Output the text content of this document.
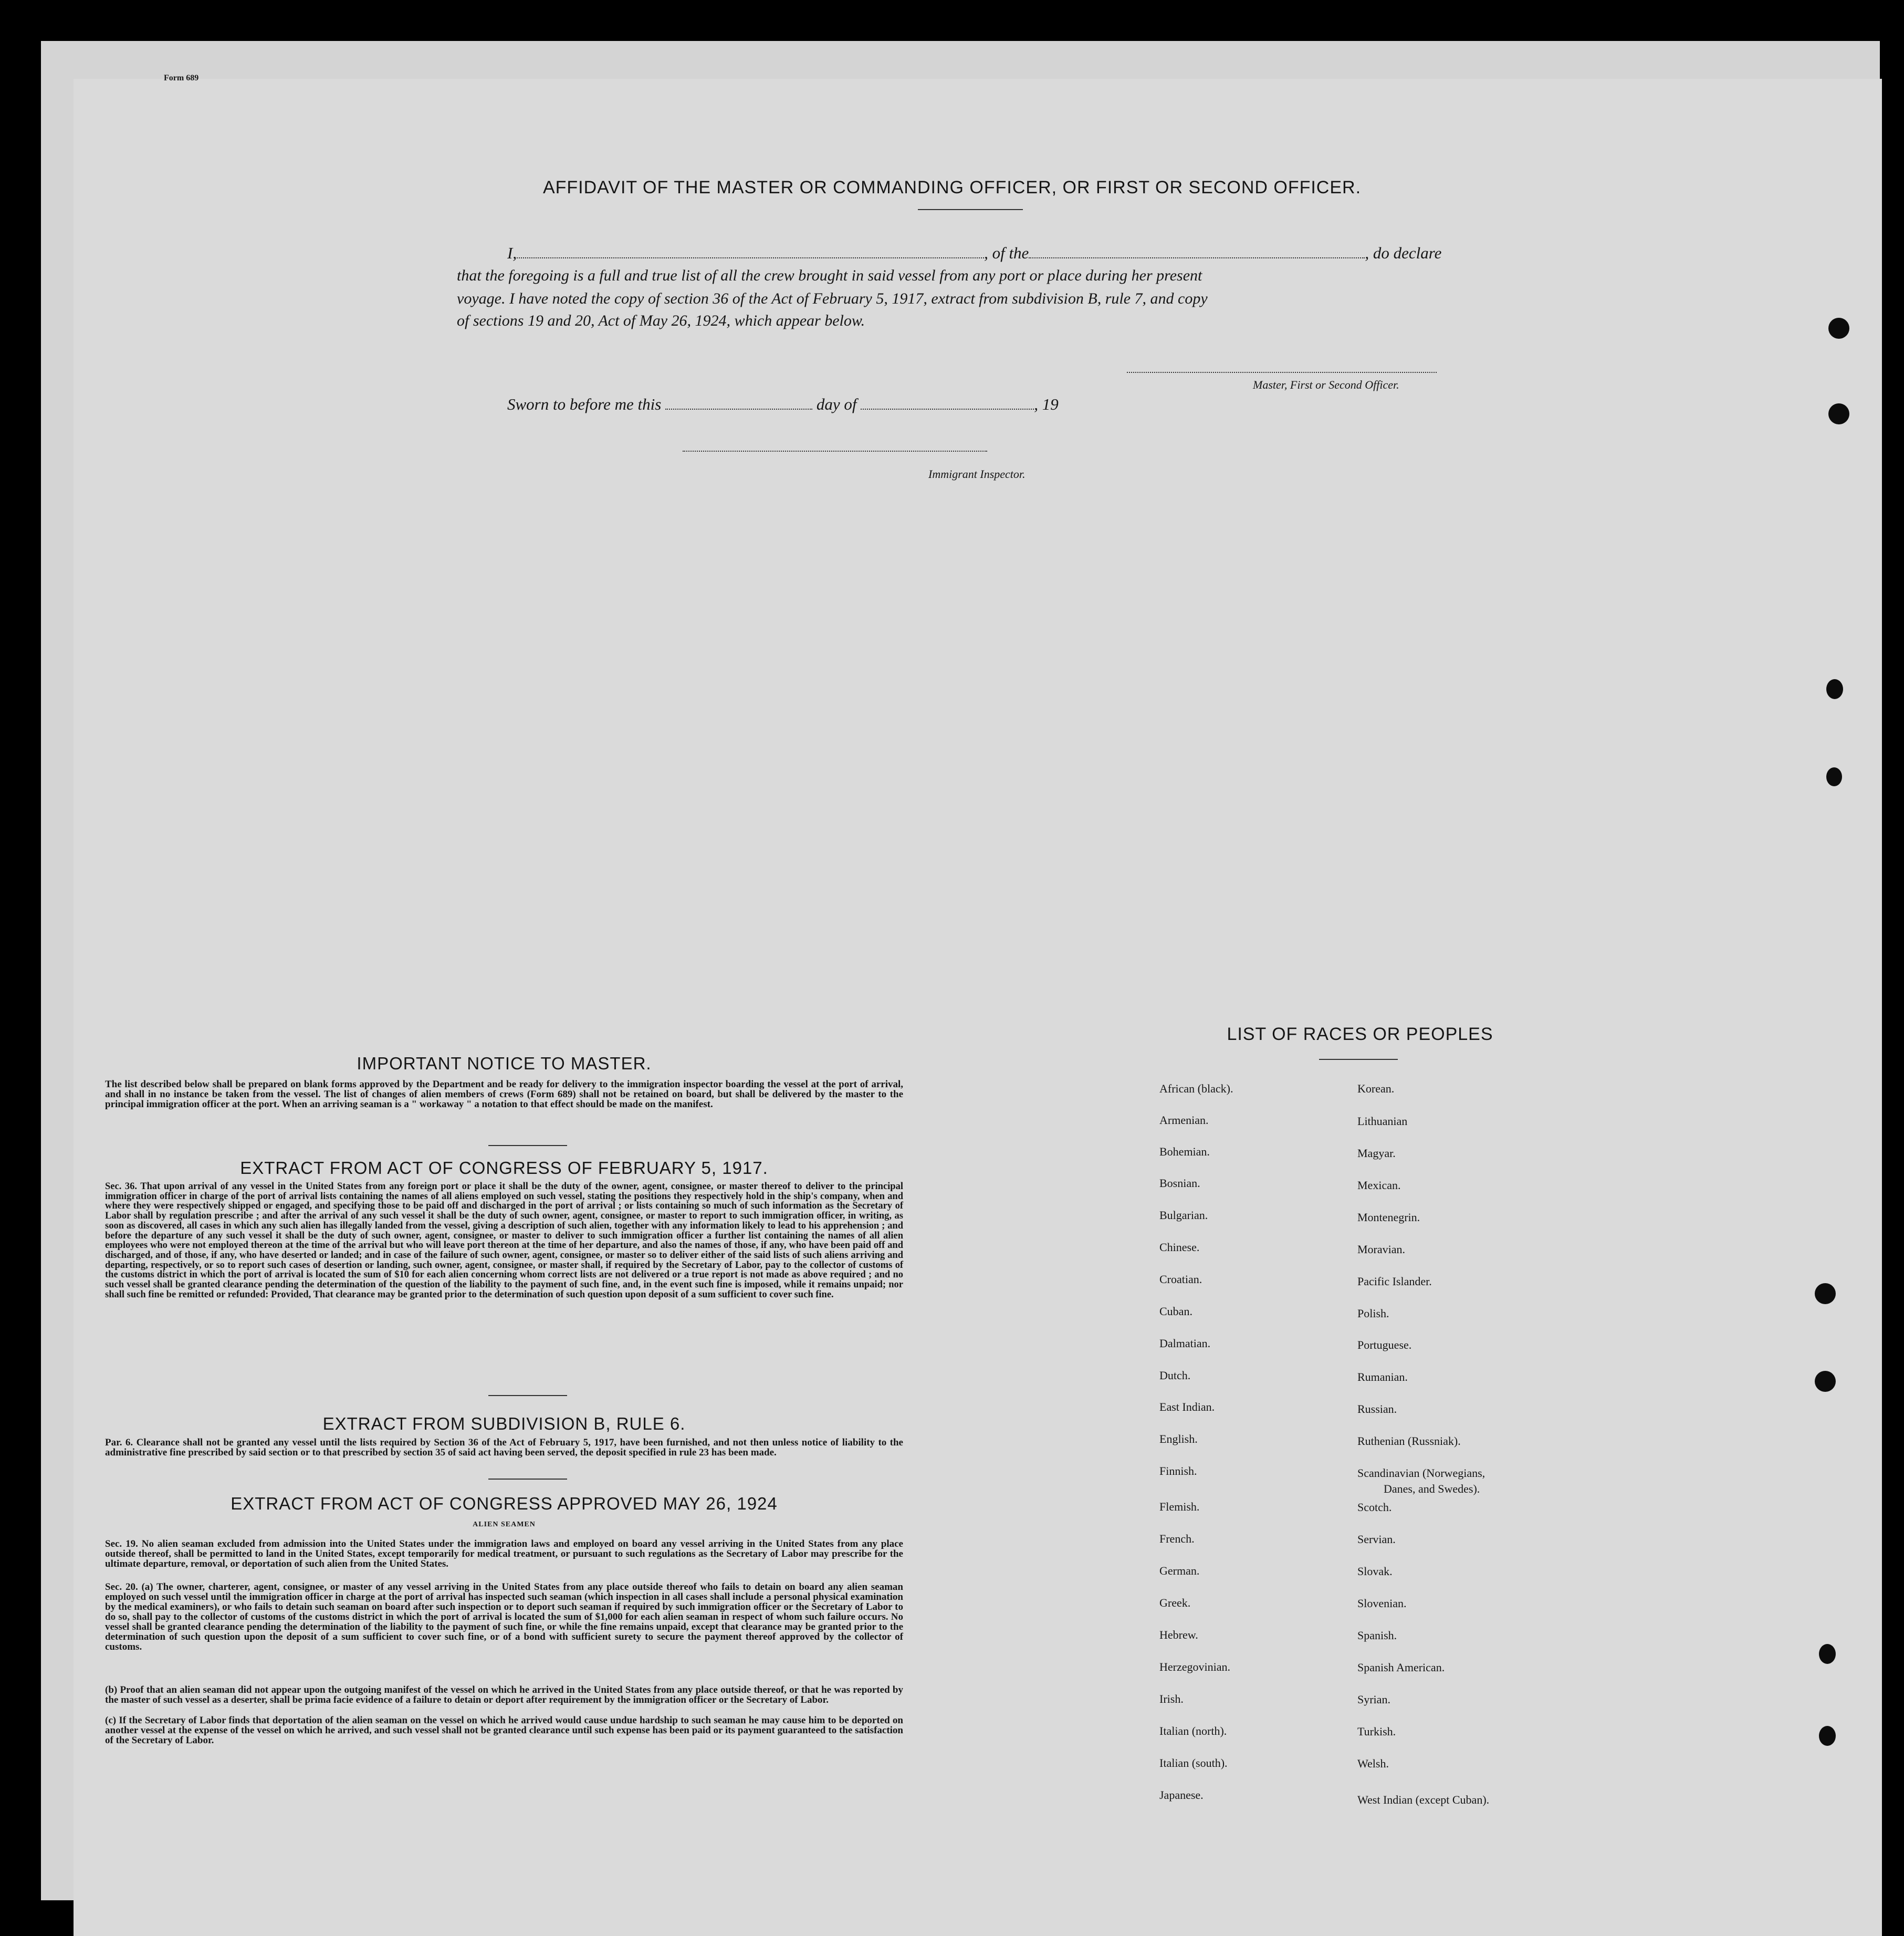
Form 689
AFFIDAVIT OF THE MASTER OR COMMANDING OFFICER, OR FIRST OR SECOND OFFICER.
I,	, of the	, do declare
that the foregoing is a full and true list of all the crew brought in said vessel from any port or place during her present
voyage. I have noted the copy of section 36 of the Act of February 5, 1917, extract from subdivision B, rule 7, and copy
of sections 19 and 20, Act of May 26, 1924, which appear below.
Master, First or Second Officer.
Sworn to before me this	day of	, 19
Immigrant Inspector.
IMPORTANT NOTICE TO MASTER.
The list described below shall be prepared on blank forms approved by the Department and be ready for delivery to the immigration inspector boarding the vessel at the port of arrival, and shall in no instance be taken from the vessel. The list of changes of alien members of crews (Form 689) shall not be retained on board, but shall be delivered by the master to the principal immigration officer at the port. When an arriving seaman is a " workaway " a notation to that effect should be made on the manifest.
EXTRACT FROM ACT OF CONGRESS OF FEBRUARY 5, 1917.
Sec. 36. That upon arrival of any vessel in the United States from any foreign port or place it shall be the duty of the owner, agent, consignee, or master thereof to deliver to the principal immigration officer in charge of the port of arrival lists containing the names of all aliens employed on such vessel, stating the positions they respectively hold in the ship's company, when and where they were respectively shipped or engaged, and specifying those to be paid off and discharged in the port of arrival ; or lists containing so much of such information as the Secretary of Labor shall by regulation prescribe ; and after the arrival of any such vessel it shall be the duty of such owner, agent, consignee, or master to report to such immigration officer, in writing, as soon as discovered, all cases in which any such alien has illegally landed from the vessel, giving a description of such alien, together with any information likely to lead to his apprehension ; and before the departure of any such vessel it shall be the duty of such owner, agent, consignee, or master to deliver to such immigration officer a further list containing the names of all alien employees who were not employed thereon at the time of the arrival but who will leave port thereon at the time of her departure, and also the names of those, if any, who have been paid off and discharged, and of those, if any, who have deserted or landed; and in case of the failure of such owner, agent, consignee, or master so to deliver either of the said lists of such aliens arriving and departing, respectively, or so to report such cases of desertion or landing, such owner, agent, consignee, or master shall, if required by the Secretary of Labor, pay to the collector of customs of the customs district in which the port of arrival is located the sum of $10 for each alien concerning whom correct lists are not delivered or a true report is not made as above required ; and no such vessel shall be granted clearance pending the determination of the question of the liability to the payment of such fine, and, in the event such fine is imposed, while it remains unpaid; nor shall such fine be remitted or refunded: Provided, That clearance may be granted prior to the determination of such question upon deposit of a sum sufficient to cover such fine.
EXTRACT FROM SUBDIVISION B, RULE 6.
Par. 6. Clearance shall not be granted any vessel until the lists required by Section 36 of the Act of February 5, 1917, have been furnished, and not then unless notice of liability to the administrative fine prescribed by said section or to that prescribed by section 35 of said act having been served, the deposit specified in rule 23 has been made.
EXTRACT FROM ACT OF CONGRESS APPROVED MAY 26, 1924
ALIEN SEAMEN
Sec. 19. No alien seaman excluded from admission into the United States under the immigration laws and employed on board any vessel arriving in the United States from any place outside thereof, shall be permitted to land in the United States, except temporarily for medical treatment, or pursuant to such regulations as the Secretary of Labor may prescribe for the ultimate departure, removal, or deportation of such alien from the United States.
Sec. 20. (a) The owner, charterer, agent, consignee, or master of any vessel arriving in the United States from any place outside thereof who fails to detain on board any alien seaman employed on such vessel until the immigration officer in charge at the port of arrival has inspected such seaman (which inspection in all cases shall include a personal physical examination by the medical examiners), or who fails to detain such seaman on board after such inspection or to deport such seaman if required by such immigration officer or the Secretary of Labor to do so, shall pay to the collector of customs of the customs district in which the port of arrival is located the sum of $1,000 for each alien seaman in respect of whom such failure occurs. No vessel shall be granted clearance pending the determination of the liability to the payment of such fine, or while the fine remains unpaid, except that clearance may be granted prior to the determination of such question upon the deposit of a sum sufficient to cover such fine, or of a bond with sufficient surety to secure the payment thereof approved by the collector of customs.
(b) Proof that an alien seaman did not appear upon the outgoing manifest of the vessel on which he arrived in the United States from any place outside thereof, or that he was reported by the master of such vessel as a deserter, shall be prima facie evidence of a failure to detain or deport after requirement by the immigration officer or the Secretary of Labor.
(c) If the Secretary of Labor finds that deportation of the alien seaman on the vessel on which he arrived would cause undue hardship to such seaman he may cause him to be deported on another vessel at the expense of the vessel on which he arrived, and such vessel shall not be granted clearance until such expense has been paid or its payment guaranteed to the satisfaction of the Secretary of Labor.
LIST OF RACES OR PEOPLES
African (black).
Armenian.
Bohemian.
Bosnian.
Bulgarian.
Chinese.
Croatian.
Cuban.
Dalmatian.
Dutch.
East Indian.
English.
Finnish.
Flemish.
French.
German.
Greek.
Hebrew.
Herzegovinian.
Irish.
Italian (north).
Italian (south).
Japanese.
Korean.
Lithuanian
Magyar.
Mexican.
Montenegrin.
Moravian.
Pacific Islander.
Polish.
Portuguese.
Rumanian.
Russian.
Ruthenian (Russniak).
Scandinavian (Norwegians,
Danes, and Swedes).
Scotch.
Servian.
Slovak.
Slovenian.
Spanish.
Spanish American.
Syrian.
Turkish.
Welsh.
West Indian (except Cuban).
